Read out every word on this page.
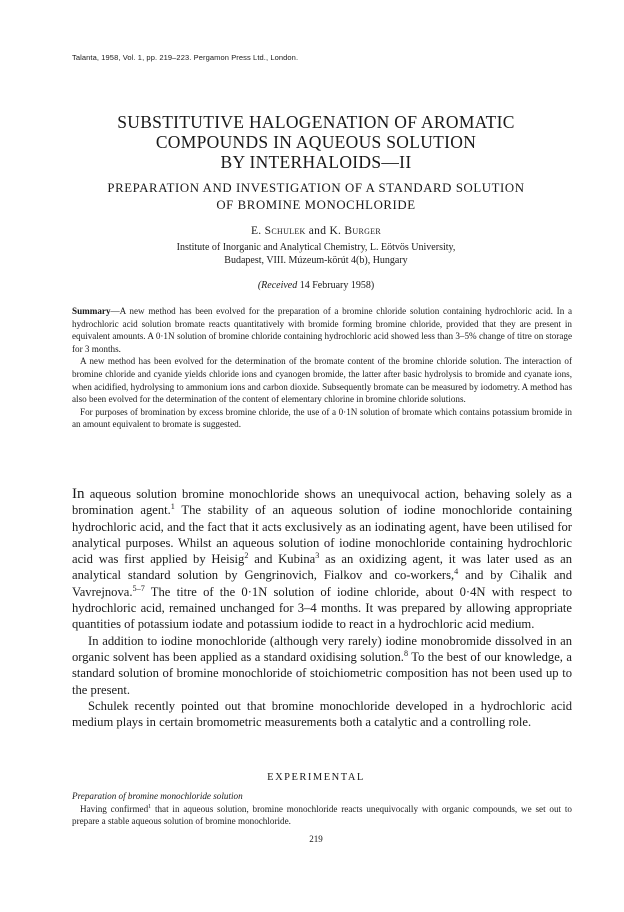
Talanta, 1958, Vol. 1, pp. 219–223. Pergamon Press Ltd., London.
SUBSTITUTIVE HALOGENATION OF AROMATIC
COMPOUNDS IN AQUEOUS SOLUTION
BY INTERHALOIDS—II
PREPARATION AND INVESTIGATION OF A STANDARD SOLUTION
OF BROMINE MONOCHLORIDE
E. Schulek and K. Burger
Institute of Inorganic and Analytical Chemistry, L. Eötvös University,
Budapest, VIII. Múzeum-körút 4(b), Hungary
(Received 14 February 1958)

Summary—A new method has been evolved for the preparation of a bromine chloride solution containing hydrochloric acid. In a hydrochloric acid solution bromate reacts quantitatively with bromide forming bromine chloride, provided that they are present in equivalent amounts. A 0·1N solution of bromine chloride containing hydrochloric acid showed less than 3–5% change of titre on storage for 3 months.

A new method has been evolved for the determination of the bromate content of the bromine chloride solution. The interaction of bromine chloride and cyanide yields chloride ions and cyanogen bromide, the latter after basic hydrolysis to bromide and cyanate ions, when acidified, hydrolysing to ammonium ions and carbon dioxide. Subsequently bromate can be measured by iodometry. A method has also been evolved for the determination of the content of elementary chlorine in bromine chloride solutions.

For purposes of bromination by excess bromine chloride, the use of a 0·1N solution of bromate which contains potassium bromide in an amount equivalent to bromate is suggested.

In aqueous solution bromine monochloride shows an unequivocal action, behaving solely as a bromination agent.$^1$ The stability of an aqueous solution of iodine monochloride containing hydrochloric acid, and the fact that it acts exclusively as an iodinating agent, have been utilised for analytical purposes. Whilst an aqueous solution of iodine monochloride containing hydrochloric acid was first applied by Heisig$^2$ and Kubina$^3$ as an oxidizing agent, it was later used as an analytical standard solution by Gengrinovich, Fialkov and co-workers,$^4$ and by Cihalik and Vavrejnova.$^{5-7}$ The titre of the 0·1N solution of iodine chloride, about 0·4N with respect to hydrochloric acid, remained unchanged for 3–4 months. It was prepared by allowing appropriate quantities of potassium iodate and potassium iodide to react in a hydrochloric acid medium.

In addition to iodine monochloride (although very rarely) iodine monobromide dissolved in an organic solvent has been applied as a standard oxidising solution.$^8$ To the best of our knowledge, a standard solution of bromine monochloride of stoichiometric composition has not been used up to the present.

Schulek recently pointed out that bromine monochloride developed in a hydrochloric acid medium plays in certain bromometric measurements both a catalytic and a controlling role.

EXPERIMENTAL

Preparation of bromine monochloride solution

Having confirmed$^1$ that in aqueous solution, bromine monochloride reacts unequivocally with organic compounds, we set out to prepare a stable aqueous solution of bromine monochloride.

219
